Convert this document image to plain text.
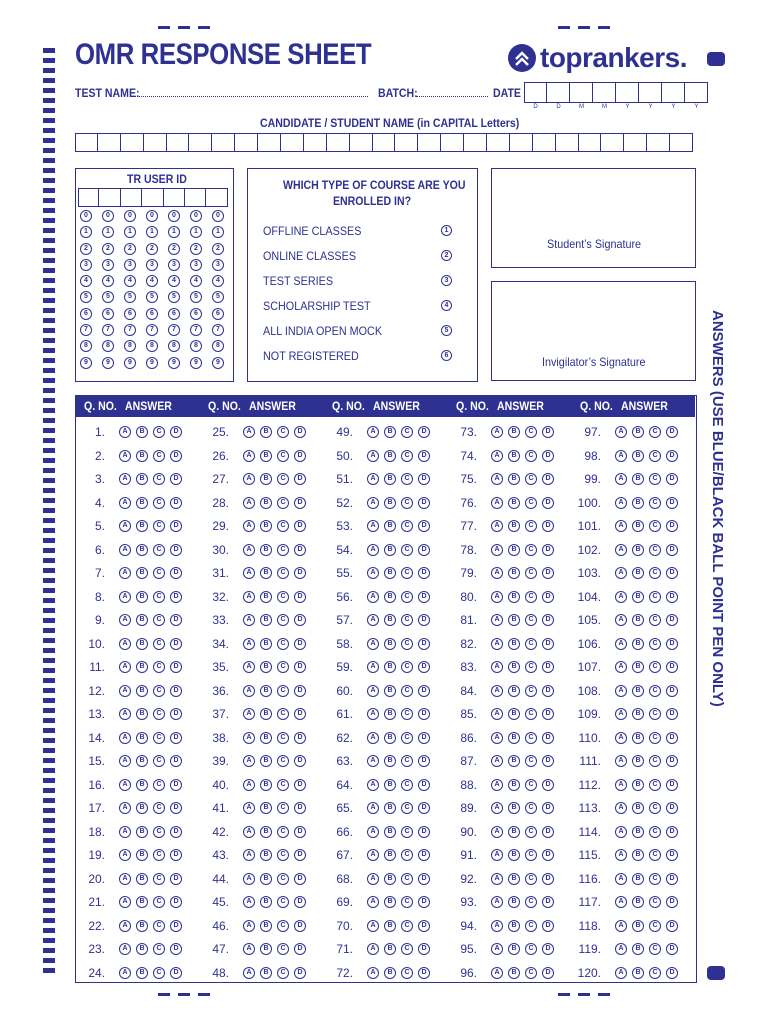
OMR RESPONSE SHEET	toprankers.
TEST NAME:	BATCH:	DATE
D	D	M	M	Y	Y	Y	Y
CANDIDATE / STUDENT NAME (in CAPITAL Letters)
TR USER ID
0	0	0	0	0	0	0
1	1	1	1	1	1	1
2	2	2	2	2	2	2
3	3	3	3	3	3	3
4	4	4	4	4	4	4
5	5	5	5	5	5	5
6	6	6	6	6	6	6
7	7	7	7	7	7	7
8	8	8	8	8	8	8
9	9	9	9	9	9	9
WHICH TYPE OF COURSE ARE YOU
ENROLLED IN?
OFFLINE CLASSES	1
ONLINE CLASSES	2
TEST SERIES	3
SCHOLARSHIP TEST	4
ALL INDIA OPEN MOCK	5
NOT REGISTERED	6
Student’s Signature
Invigilator’s Signature	ANSWERS (USE BLUE/BLACK BALL POINT PEN ONLY)
Q. NO. ANSWER	Q. NO. ANSWER	Q. NO. ANSWER	Q. NO. ANSWER	Q. NO. ANSWER
1.	A	B	C	D
2.	A	B	C	D
3.	A	B	C	D
4.	A	B	C	D
5.	A	B	C	D
6.	A	B	C	D
7.	A	B	C	D
8.	A	B	C	D
9.	A	B	C	D
10.	A	B	C	D
11.	A	B	C	D
12.	A	B	C	D
13.	A	B	C	D
14.	A	B	C	D
15.	A	B	C	D
16.	A	B	C	D
17.	A	B	C	D
18.	A	B	C	D
19.	A	B	C	D
20.	A	B	C	D
21.	A	B	C	D
22.	A	B	C	D
23.	A	B	C	D
24.	A	B	C	D
25.	A	B	C	D
26.	A	B	C	D
27.	A	B	C	D
28.	A	B	C	D
29.	A	B	C	D
30.	A	B	C	D
31.	A	B	C	D
32.	A	B	C	D
33.	A	B	C	D
34.	A	B	C	D
35.	A	B	C	D
36.	A	B	C	D
37.	A	B	C	D
38.	A	B	C	D
39.	A	B	C	D
40.	A	B	C	D
41.	A	B	C	D
42.	A	B	C	D
43.	A	B	C	D
44.	A	B	C	D
45.	A	B	C	D
46.	A	B	C	D
47.	A	B	C	D
48.	A	B	C	D
49.	A	B	C	D
50.	A	B	C	D
51.	A	B	C	D
52.	A	B	C	D
53.	A	B	C	D
54.	A	B	C	D
55.	A	B	C	D
56.	A	B	C	D
57.	A	B	C	D
58.	A	B	C	D
59.	A	B	C	D
60.	A	B	C	D
61.	A	B	C	D
62.	A	B	C	D
63.	A	B	C	D
64.	A	B	C	D
65.	A	B	C	D
66.	A	B	C	D
67.	A	B	C	D
68.	A	B	C	D
69.	A	B	C	D
70.	A	B	C	D
71.	A	B	C	D
72.	A	B	C	D
73.	A	B	C	D
74.	A	B	C	D
75.	A	B	C	D
76.	A	B	C	D
77.	A	B	C	D
78.	A	B	C	D
79.	A	B	C	D
80.	A	B	C	D
81.	A	B	C	D
82.	A	B	C	D
83.	A	B	C	D
84.	A	B	C	D
85.	A	B	C	D
86.	A	B	C	D
87.	A	B	C	D
88.	A	B	C	D
89.	A	B	C	D
90.	A	B	C	D
91.	A	B	C	D
92.	A	B	C	D
93.	A	B	C	D
94.	A	B	C	D
95.	A	B	C	D
96.	A	B	C	D
97.	A	B	C	D
98.	A	B	C	D
99.	A	B	C	D
100.	A	B	C	D
101.	A	B	C	D
102.	A	B	C	D
103.	A	B	C	D
104.	A	B	C	D
105.	A	B	C	D
106.	A	B	C	D
107.	A	B	C	D
108.	A	B	C	D
109.	A	B	C	D
110.	A	B	C	D
111.	A	B	C	D
112.	A	B	C	D
113.	A	B	C	D
114.	A	B	C	D
115.	A	B	C	D
116.	A	B	C	D
117.	A	B	C	D
118.	A	B	C	D
119.	A	B	C	D
120.	A	B	C	D
